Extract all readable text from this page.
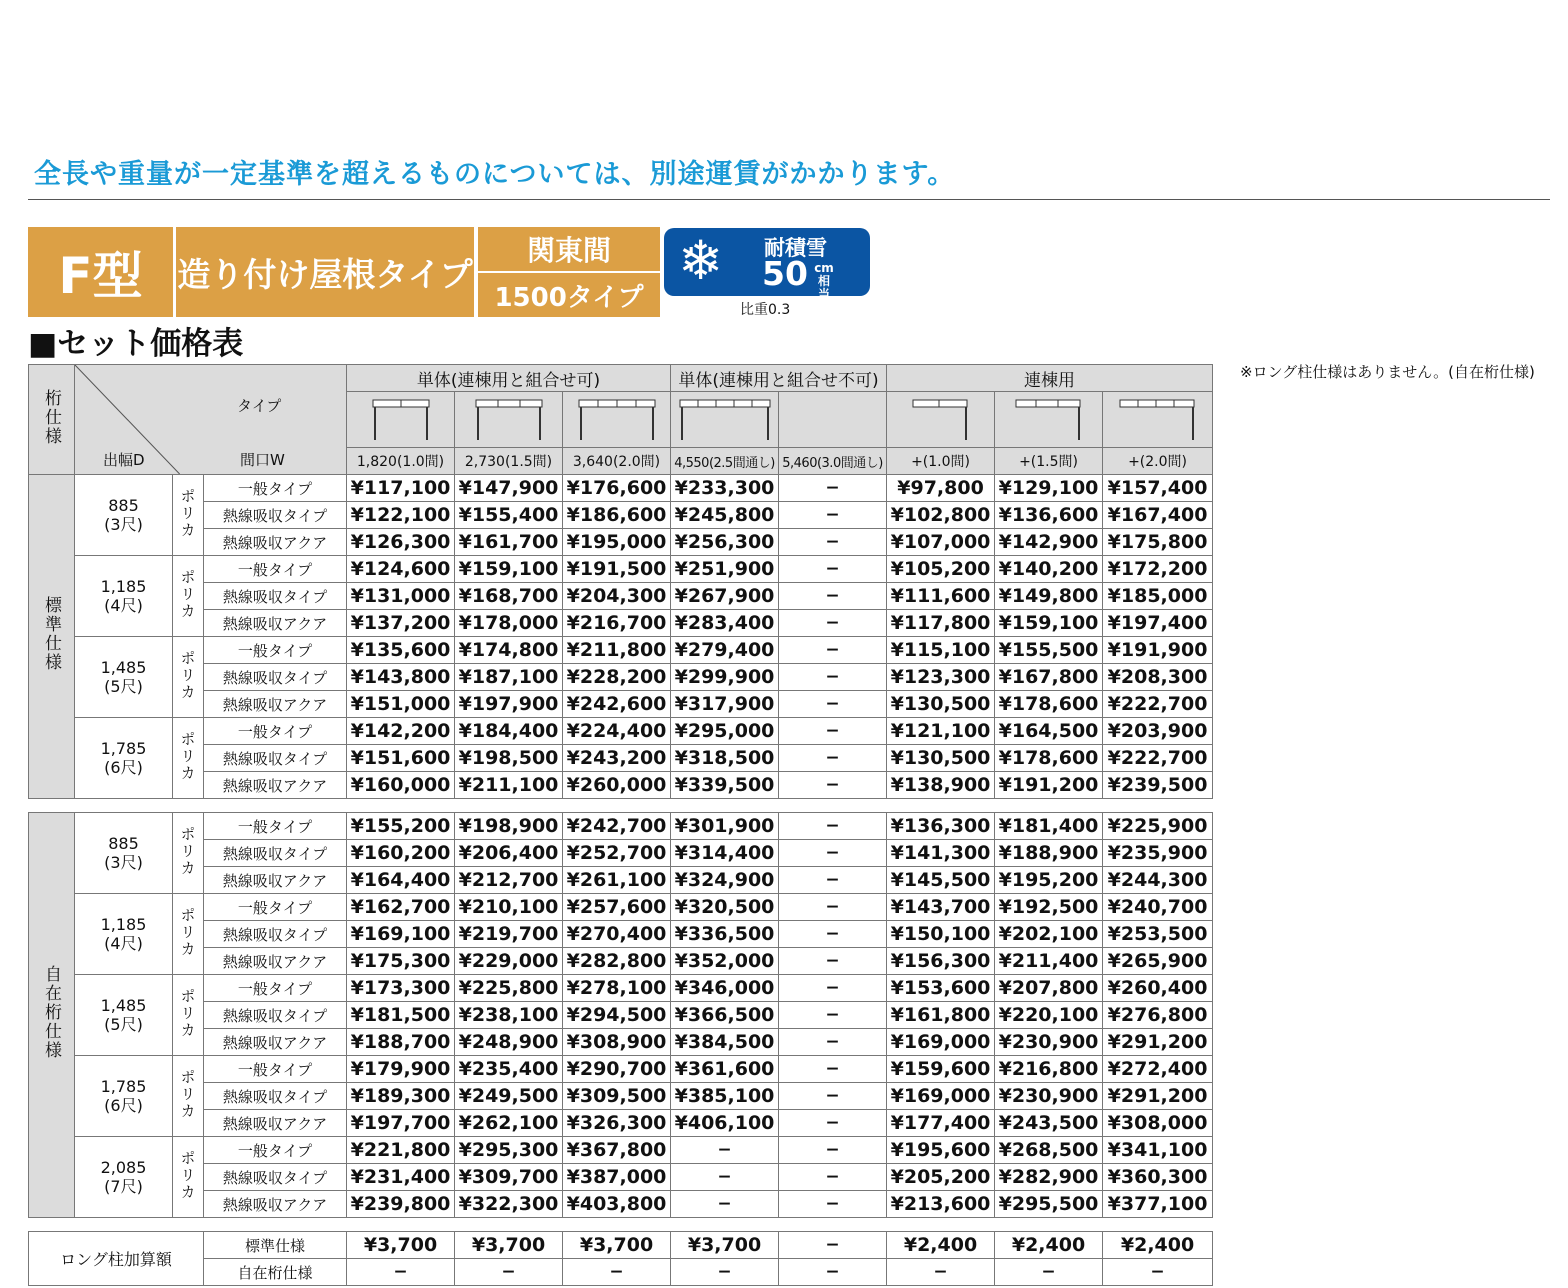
全長や重量が一定基準を超えるものについては、別途運賃がかかります。
F型	造り付け屋根タイプ
関東間
1500タイプ
❄ 耐積雪
50 cm
相当
比重0.3
■セット価格表
※ロング柱仕様はありません。(自在桁仕様)
桁仕様	タイプ
出幅D 間口W			単体(連棟用と組合せ可)			単体(連棟用と組合せ不可)		連棟用		

				1,820(1.0間)	2,730(1.5間)	3,640(2.0間)	4,550(2.5間通し)	5,460(3.0間通し)	+(1.0間)	+(1.5間)	+(2.0間)
標準仕様	885
(3尺)	ポリカ	一般タイプ	¥117,100	¥147,900	¥176,600	¥233,300	−	¥97,800	¥129,100	¥157,400
			熱線吸収タイプ	¥122,100	¥155,400	¥186,600	¥245,800	−	¥102,800	¥136,600	¥167,400
			熱線吸収アクア	¥126,300	¥161,700	¥195,000	¥256,300	−	¥107,000	¥142,900	¥175,800

	1,185
(4尺)	ポリカ	一般タイプ	¥124,600	¥159,100	¥191,500	¥251,900	−	¥105,200	¥140,200	¥172,200
			熱線吸収タイプ	¥131,000	¥168,700	¥204,300	¥267,900	−	¥111,600	¥149,800	¥185,000
			熱線吸収アクア	¥137,200	¥178,000	¥216,700	¥283,400	−	¥117,800	¥159,100	¥197,400

	1,485
(5尺)	ポリカ	一般タイプ	¥135,600	¥174,800	¥211,800	¥279,400	−	¥115,100	¥155,500	¥191,900
			熱線吸収タイプ	¥143,800	¥187,100	¥228,200	¥299,900	−	¥123,300	¥167,800	¥208,300
			熱線吸収アクア	¥151,000	¥197,900	¥242,600	¥317,900	−	¥130,500	¥178,600	¥222,700

	1,785
(6尺)	ポリカ	一般タイプ	¥142,200	¥184,400	¥224,400	¥295,000	−	¥121,100	¥164,500	¥203,900
			熱線吸収タイプ	¥151,600	¥198,500	¥243,200	¥318,500	−	¥130,500	¥178,600	¥222,700
			熱線吸収アクア	¥160,000	¥211,100	¥260,000	¥339,500	−	¥138,900	¥191,200	¥239,500

自在桁仕様	885
(3尺)	ポリカ	一般タイプ	¥155,200	¥198,900	¥242,700	¥301,900	−	¥136,300	¥181,400	¥225,900
			熱線吸収タイプ	¥160,200	¥206,400	¥252,700	¥314,400	−	¥141,300	¥188,900	¥235,900
			熱線吸収アクア	¥164,400	¥212,700	¥261,100	¥324,900	−	¥145,500	¥195,200	¥244,300

	1,185
(4尺)	ポリカ	一般タイプ	¥162,700	¥210,100	¥257,600	¥320,500	−	¥143,700	¥192,500	¥240,700
			熱線吸収タイプ	¥169,100	¥219,700	¥270,400	¥336,500	−	¥150,100	¥202,100	¥253,500
			熱線吸収アクア	¥175,300	¥229,000	¥282,800	¥352,000	−	¥156,300	¥211,400	¥265,900

	1,485
(5尺)	ポリカ	一般タイプ	¥173,300	¥225,800	¥278,100	¥346,000	−	¥153,600	¥207,800	¥260,400
			熱線吸収タイプ	¥181,500	¥238,100	¥294,500	¥366,500	−	¥161,800	¥220,100	¥276,800
			熱線吸収アクア	¥188,700	¥248,900	¥308,900	¥384,500	−	¥169,000	¥230,900	¥291,200

	1,785
(6尺)	ポリカ	一般タイプ	¥179,900	¥235,400	¥290,700	¥361,600	−	¥159,600	¥216,800	¥272,400
			熱線吸収タイプ	¥189,300	¥249,500	¥309,500	¥385,100	−	¥169,000	¥230,900	¥291,200
			熱線吸収アクア	¥197,700	¥262,100	¥326,300	¥406,100	−	¥177,400	¥243,500	¥308,000

	2,085
(7尺)	ポリカ	一般タイプ	¥221,800	¥295,300	¥367,800	−	−	¥195,600	¥268,500	¥341,100
			熱線吸収タイプ	¥231,400	¥309,700	¥387,000	−	−	¥205,200	¥282,900	¥360,300
			熱線吸収アクア	¥239,800	¥322,300	¥403,800	−	−	¥213,600	¥295,500	¥377,100

ロング柱加算額			標準仕様	¥3,700	¥3,700	¥3,700	¥3,700	−	¥2,400	¥2,400	¥2,400
			自在桁仕様	−	−	−	−	−	−	−	−
